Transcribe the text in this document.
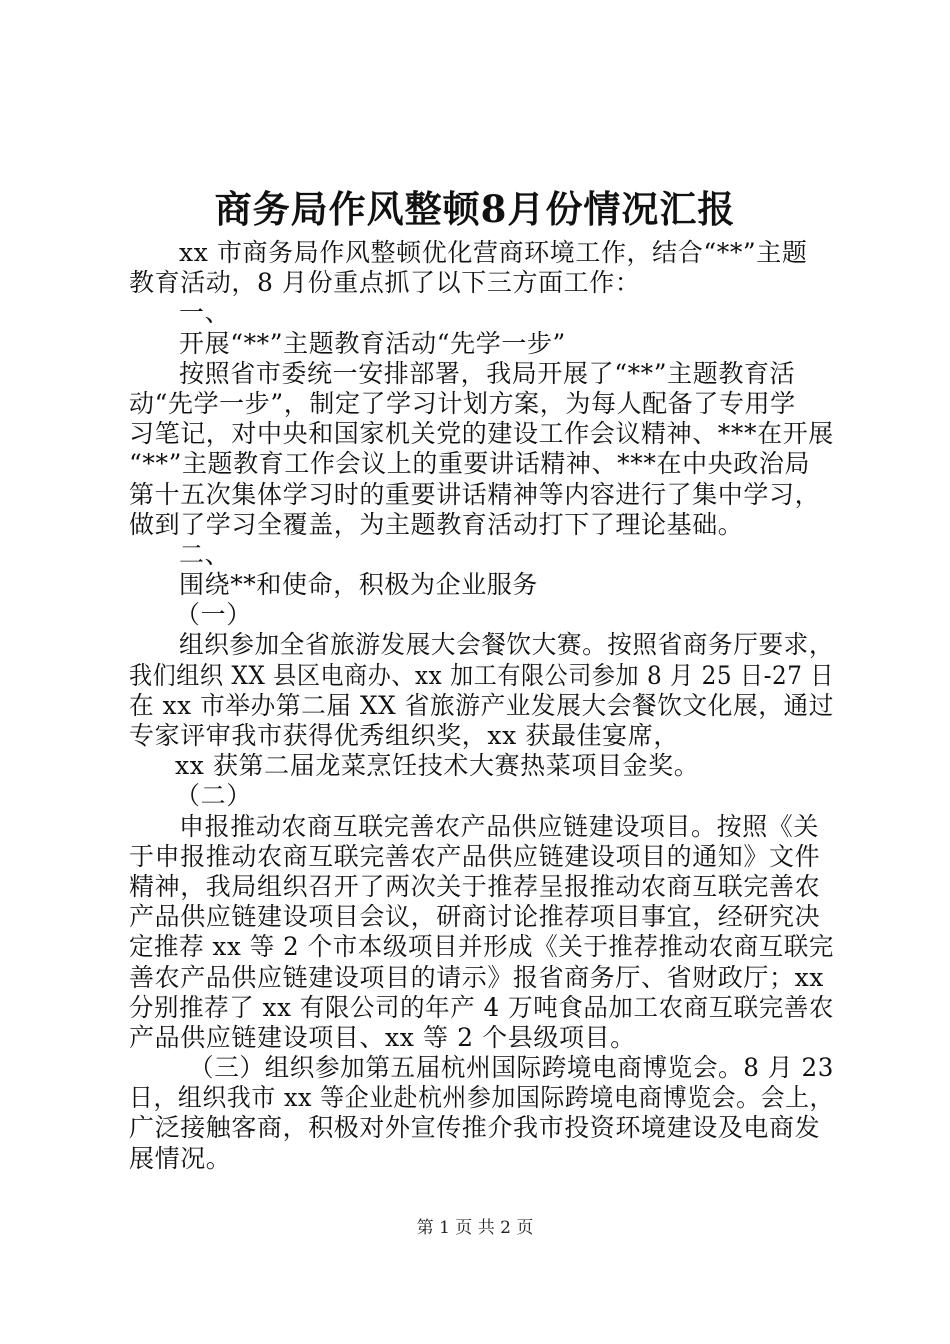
商务局作风整顿8月份情况汇报
xx 市商务局作风整顿优化营商环境工作，结合“**”主题
教育活动，8 月份重点抓了以下三方面工作：
一、
开展“**”主题教育活动“先学一步”
按照省市委统一安排部署，我局开展了“**”主题教育活
动“先学一步”，制定了学习计划方案，为每人配备了专用学
习笔记，对中央和国家机关党的建设工作会议精神、***在开展
“**”主题教育工作会议上的重要讲话精神、***在中央政治局
第十五次集体学习时的重要讲话精神等内容进行了集中学习，
做到了学习全覆盖，为主题教育活动打下了理论基础。
二、
围绕**和使命，积极为企业服务
（一）
组织参加全省旅游发展大会餐饮大赛。按照省商务厅要求，
我们组织 XX 县区电商办、xx 加工有限公司参加 8 月 25 日-27 日
在 xx 市举办第二届 XX 省旅游产业发展大会餐饮文化展，通过
专家评审我市获得优秀组织奖，xx 获最佳宴席，
xx 获第二届龙菜烹饪技术大赛热菜项目金奖。
（二）
申报推动农商互联完善农产品供应链建设项目。按照《关
于申报推动农商互联完善农产品供应链建设项目的通知》文件
精神，我局组织召开了两次关于推荐呈报推动农商互联完善农
产品供应链建设项目会议，研商讨论推荐项目事宜，经研究决
定推荐 xx 等 2 个市本级项目并形成《关于推荐推动农商互联完
善农产品供应链建设项目的请示》报省商务厅、省财政厅；xx
分别推荐了 xx 有限公司的年产 4 万吨食品加工农商互联完善农
产品供应链建设项目、xx 等 2 个县级项目。
（三）组织参加第五届杭州国际跨境电商博览会。8 月 23
日，组织我市 xx 等企业赴杭州参加国际跨境电商博览会。会上，
广泛接触客商，积极对外宣传推介我市投资环境建设及电商发
展情况。
第 1 页 共 2 页
